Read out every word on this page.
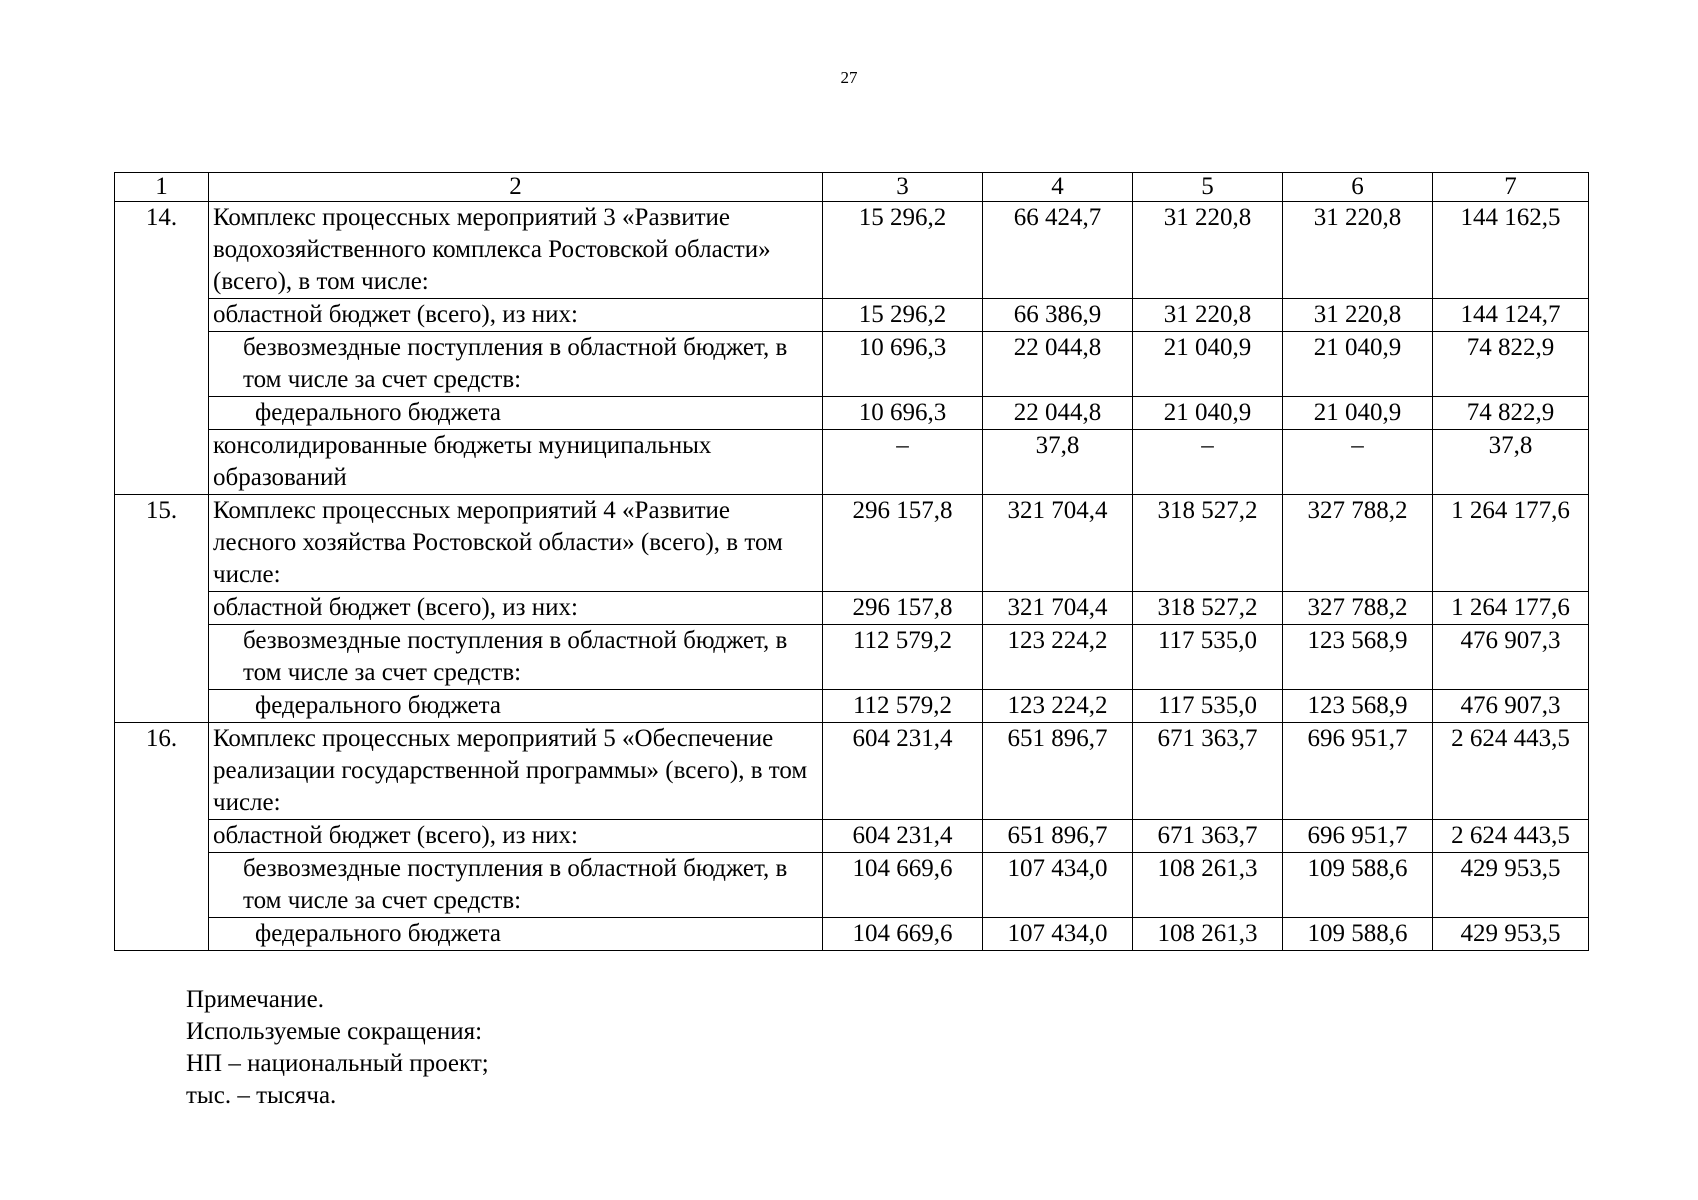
27
1	2	3	4	5	6	7
14.	Комплекс процессных мероприятий 3 «Развитие водохозяйственного комплекса Ростовской области» (всего), в том числе:	15 296,2	66 424,7	31 220,8	31 220,8	144 162,5
	областной бюджет (всего), из них:	15 296,2	66 386,9	31 220,8	31 220,8	144 124,7
	безвозмездные поступления в областной бюджет, в том числе за счет средств:	10 696,3	22 044,8	21 040,9	21 040,9	74 822,9
	федерального бюджета	10 696,3	22 044,8	21 040,9	21 040,9	74 822,9
	консолидированные бюджеты муниципальных образований	–	37,8	–	–	37,8
15.	Комплекс процессных мероприятий 4 «Развитие лесного хозяйства Ростовской области» (всего), в том числе:	296 157,8	321 704,4	318 527,2	327 788,2	1 264 177,6
	областной бюджет (всего), из них:	296 157,8	321 704,4	318 527,2	327 788,2	1 264 177,6
	безвозмездные поступления в областной бюджет, в том числе за счет средств:	112 579,2	123 224,2	117 535,0	123 568,9	476 907,3
	федерального бюджета	112 579,2	123 224,2	117 535,0	123 568,9	476 907,3
16.	Комплекс процессных мероприятий 5 «Обеспечение реализации государственной программы» (всего), в том числе:	604 231,4	651 896,7	671 363,7	696 951,7	2 624 443,5
	областной бюджет (всего), из них:	604 231,4	651 896,7	671 363,7	696 951,7	2 624 443,5
	безвозмездные поступления в областной бюджет, в том числе за счет средств:	104 669,6	107 434,0	108 261,3	109 588,6	429 953,5
	федерального бюджета	104 669,6	107 434,0	108 261,3	109 588,6	429 953,5
Примечание.
Используемые сокращения:
НП – национальный проект;
тыс. – тысяча.
